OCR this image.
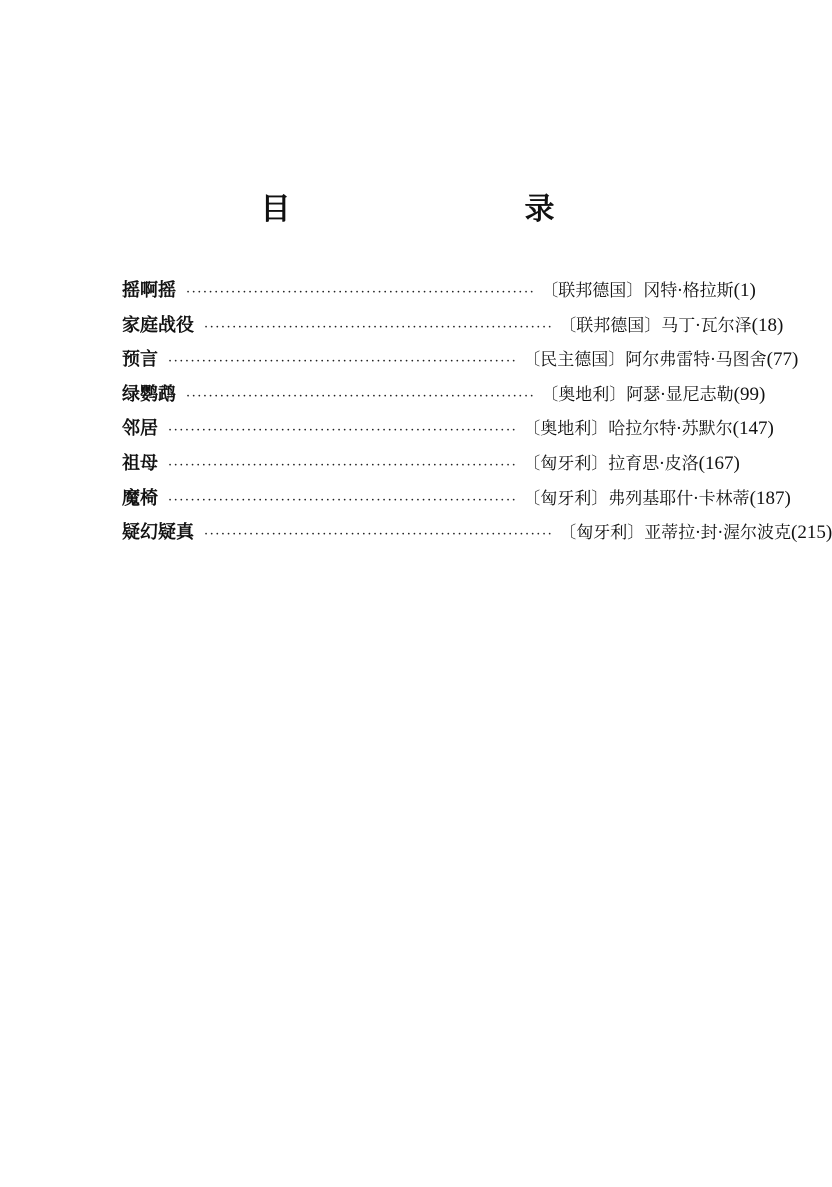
目　　录
摇啊摇 ······························································ 〔联邦德国〕冈特·格拉斯 (1)
家庭战役 ······························································ 〔联邦德国〕马丁·瓦尔泽 (18)
预言 ······························································ 〔民主德国〕阿尔弗雷特·马图舍 (77)
绿鹦鹉 ······························································ 〔奥地利〕阿瑟·显尼志勒 (99)
邻居 ······························································ 〔奥地利〕哈拉尔特·苏默尔 (147)
祖母 ······························································ 〔匈牙利〕拉育思·皮洛 (167)
魔椅 ······························································ 〔匈牙利〕弗列基耶什·卡林蒂 (187)
疑幻疑真 ······························································ 〔匈牙利〕亚蒂拉·封·渥尔波克 (215)
